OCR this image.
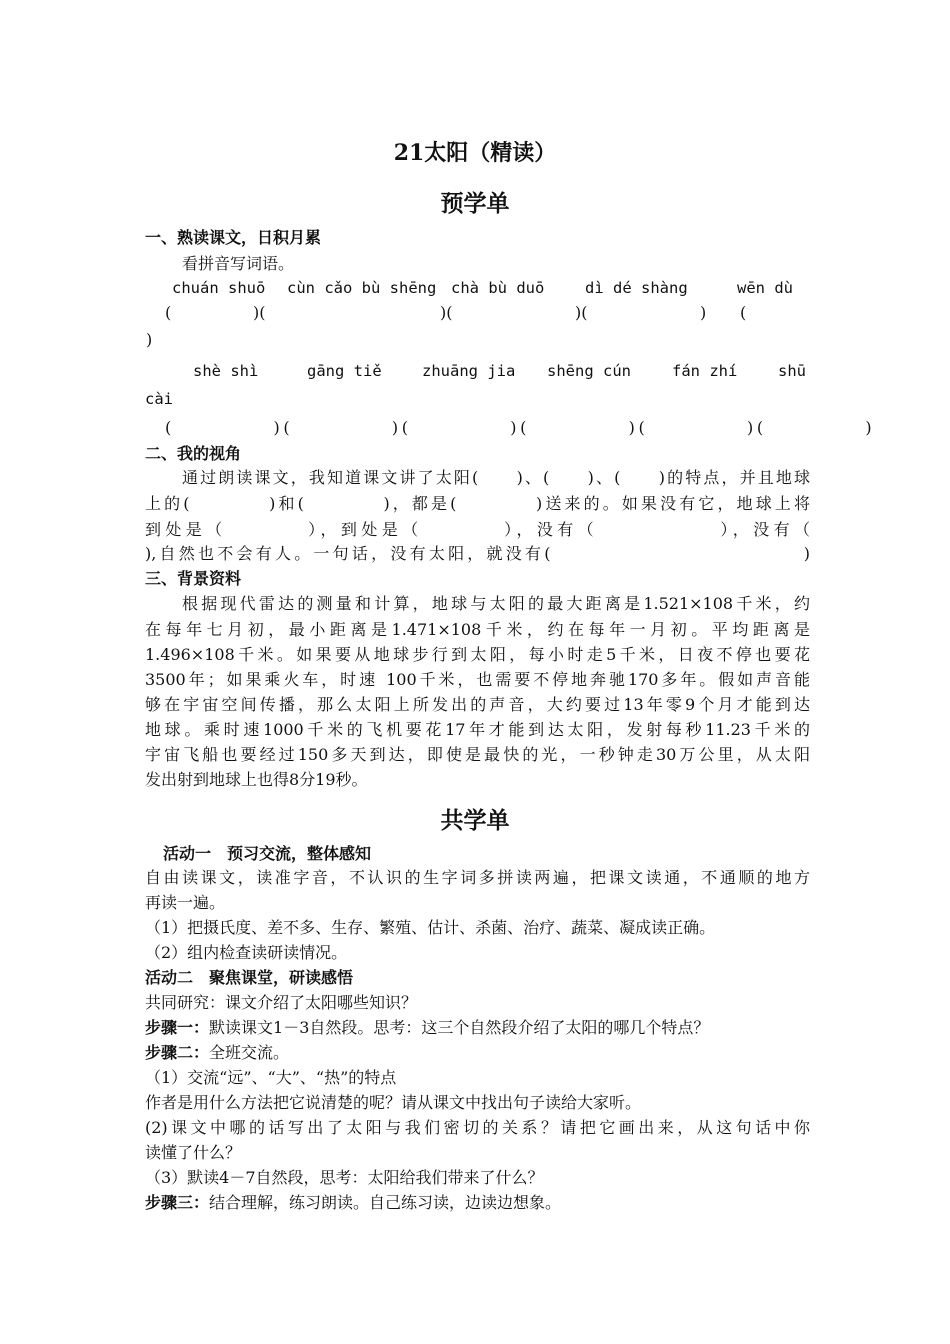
21太阳（精读）
预学单
一、熟读课文，日积月累
看拼音写词语。
chuán shuō cùn cǎo bù shēng chà bù duō	dì dé shàng	wēn dù
(	)(	)(	)(	) (
)
shè shì	gāng tiě	zhuāng jia shēng cún	fán zhí	shū
cài
(　　　　　)(　　　　　)(　　　　　)(　　　　　)(　　　　　)(　　　　　)
二、我的视角
通过朗读课文，我知道课文讲了太阳(　　)、(　　)、(　　)的特点，并且地球
上的(　　　　)和(　　　　)，都是(　　　　)送来的。如果没有它，地球上将
到处是（　　　　），到处是（　　　　），没有（　　　　　　），没有（
),自然也不会有人。一句话，没有太阳，就没有(　　　　　　　　　　　　　)
三、背景资料
根据现代雷达的测量和计算，地球与太阳的最大距离是1.521×108千米，约
在每年七月初，最小距离是1.471×108千米，约在每年一月初。平均距离是
1.496×108千米。如果要从地球步行到太阳，每小时走5千米，日夜不停也要花
3500年；如果乘火车，时速 100千米，也需要不停地奔驰170多年。假如声音能
够在宇宙空间传播，那么太阳上所发出的声音，大约要过13年零9个月才能到达
地球。乘时速1000千米的飞机要花17年才能到达太阳，发射每秒11.23千米的
宇宙飞船也要经过150多天到达，即使是最快的光，一秒钟走30万公里，从太阳
发出射到地球上也得8分19秒。
共学单
活动一　预习交流，整体感知
自由读课文，读准字音，不认识的生字词多拼读两遍，把课文读通，不通顺的地方
再读一遍。
（1）把摄氏度、差不多、生存、繁殖、估计、杀菌、治疗、蔬菜、凝成读正确。
（2）组内检查读研读情况。
活动二　聚焦课堂，研读感悟
共同研究：课文介绍了太阳哪些知识？
步骤一：默读课文1－3自然段。思考：这三个自然段介绍了太阳的哪几个特点？
步骤二：全班交流。
（1）交流“远”、“大”、“热”的特点
作者是用什么方法把它说清楚的呢？请从课文中找出句子读给大家听。
(2)课文中哪的话写出了太阳与我们密切的关系？请把它画出来，从这句话中你
读懂了什么？
（3）默读4－7自然段，思考：太阳给我们带来了什么？
步骤三：结合理解，练习朗读。自己练习读，边读边想象。
